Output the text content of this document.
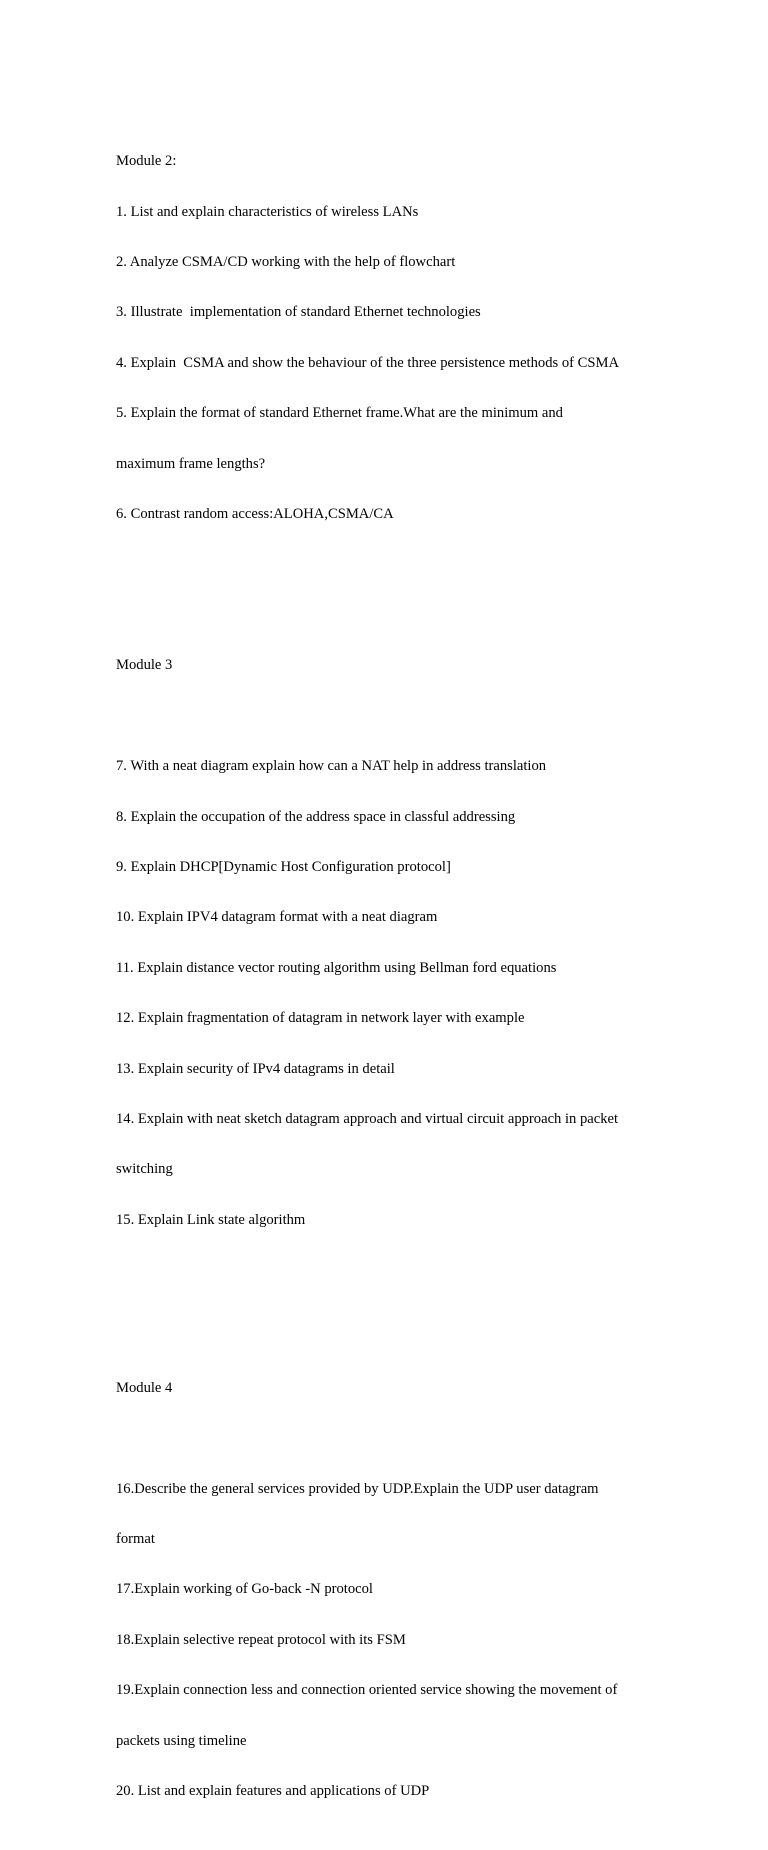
Module 2:

1. List and explain characteristics of wireless LANs

2. Analyze CSMA/CD working with the help of flowchart

3. Illustrate  implementation of standard Ethernet technologies

4. Explain  CSMA and show the behaviour of the three persistence methods of CSMA

5. Explain the format of standard Ethernet frame.What are the minimum and

maximum frame lengths?

6. Contrast random access:ALOHA,CSMA/CA

Module 3

7. With a neat diagram explain how can a NAT help in address translation

8. Explain the occupation of the address space in classful addressing

9. Explain DHCP[Dynamic Host Configuration protocol]

10. Explain IPV4 datagram format with a neat diagram

11. Explain distance vector routing algorithm using Bellman ford equations

12. Explain fragmentation of datagram in network layer with example

13. Explain security of IPv4 datagrams in detail

14. Explain with neat sketch datagram approach and virtual circuit approach in packet

switching

15. Explain Link state algorithm

Module 4

16.Describe the general services provided by UDP.Explain the UDP user datagram

format

17.Explain working of Go-back -N protocol

18.Explain selective repeat protocol with its FSM

19.Explain connection less and connection oriented service showing the movement of

packets using timeline

20. List and explain features and applications of UDP
